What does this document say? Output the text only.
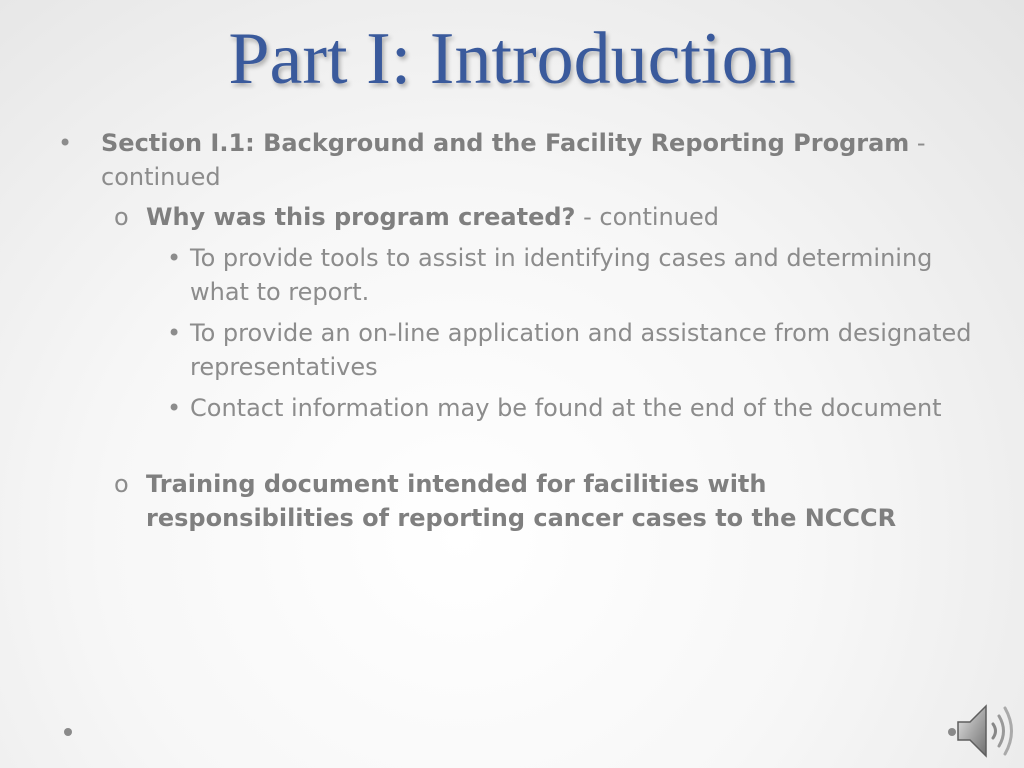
Part I: Introduction
• Section I.1: Background and the Facility Reporting Program - continued
o Why was this program created? - continued
• To provide tools to assist in identifying cases and determining what to report.
• To provide an on-line application and assistance from designated representatives
• Contact information may be found at the end of the document
o Training document intended for facilities with responsibilities of reporting cancer cases to the NCCCR
